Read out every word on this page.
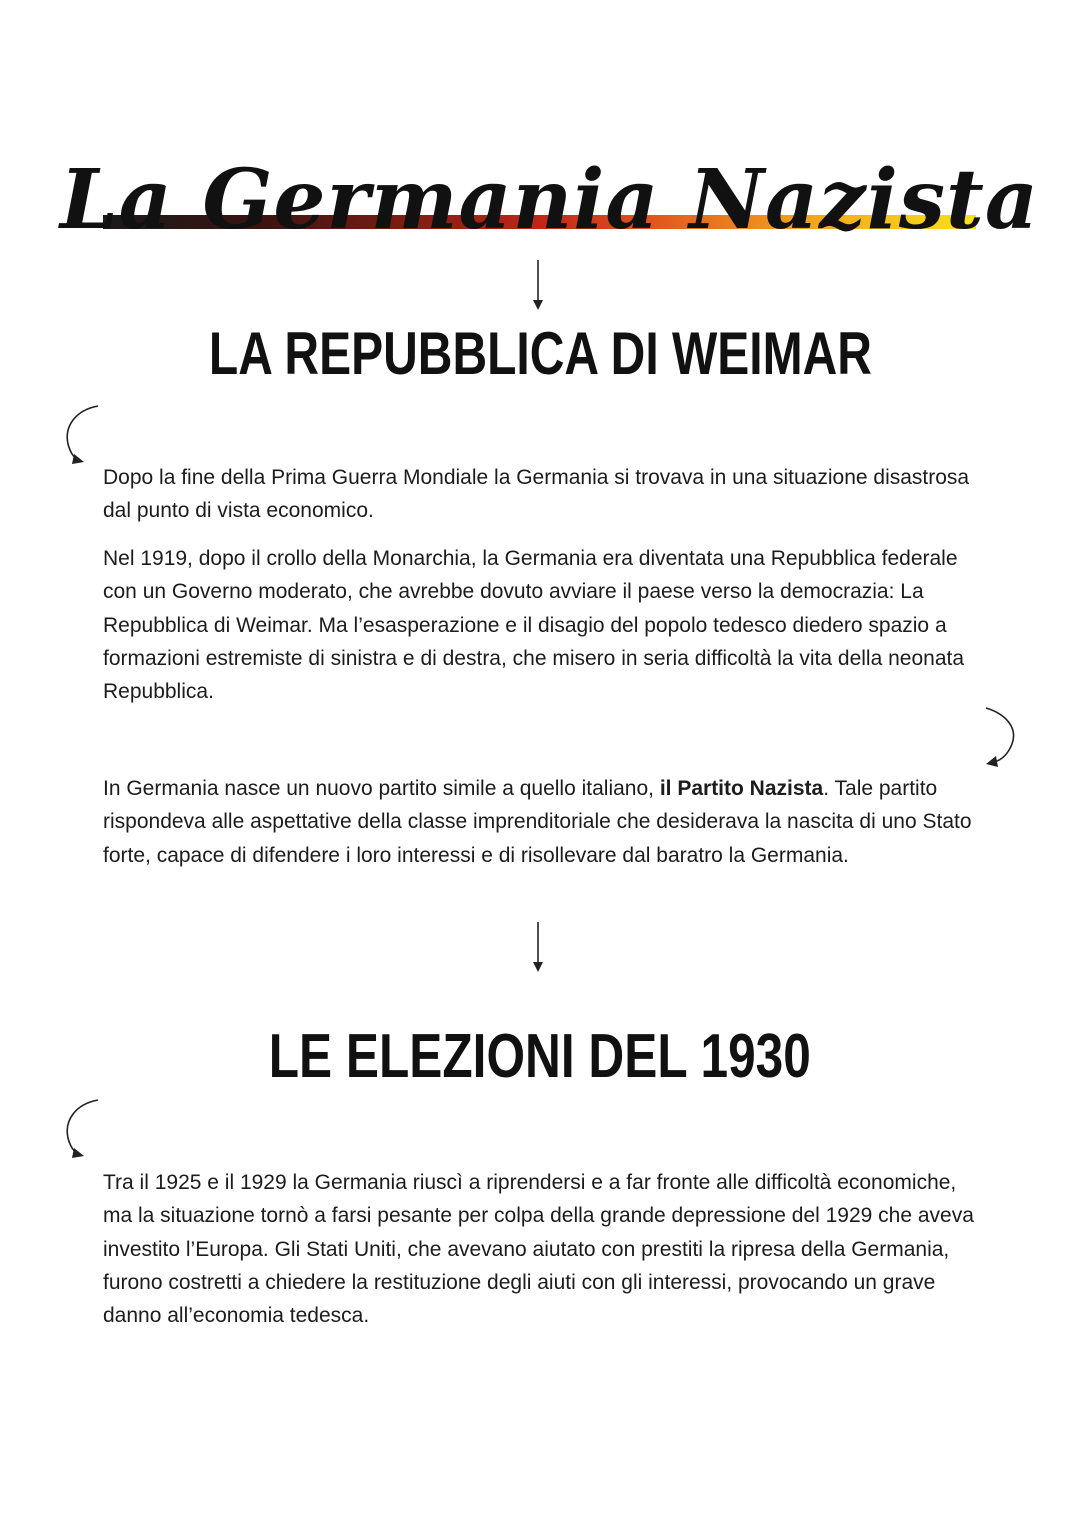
La Germania Nazista
LA REPUBBLICA DI WEIMAR

Dopo la fine della Prima Guerra Mondiale la Germania si trovava in una situazione disastrosa dal punto di vista economico.

Nel 1919, dopo il crollo della Monarchia, la Germania era diventata una Repubblica federale con un Governo moderato, che avrebbe dovuto avviare il paese verso la democrazia: La Repubblica di Weimar. Ma l’esasperazione e il disagio del popolo tedesco diedero spazio a formazioni estremiste di sinistra e di destra, che misero in seria difficoltà la vita della neonata Repubblica.

In Germania nasce un nuovo partito simile a quello italiano, il Partito Nazista. Tale partito rispondeva alle aspettative della classe imprenditoriale che desiderava la nascita di uno Stato forte, capace di difendere i loro interessi e di risollevare dal baratro la Germania.

LE ELEZIONI DEL 1930

Tra il 1925 e il 1929 la Germania riuscì a riprendersi e a far fronte alle difficoltà economiche, ma la situazione tornò a farsi pesante per colpa della grande depressione del 1929 che aveva investito l’Europa. Gli Stati Uniti, che avevano aiutato con prestiti la ripresa della Germania, furono costretti a chiedere la restituzione degli aiuti con gli interessi, provocando un grave danno all’economia tedesca.
